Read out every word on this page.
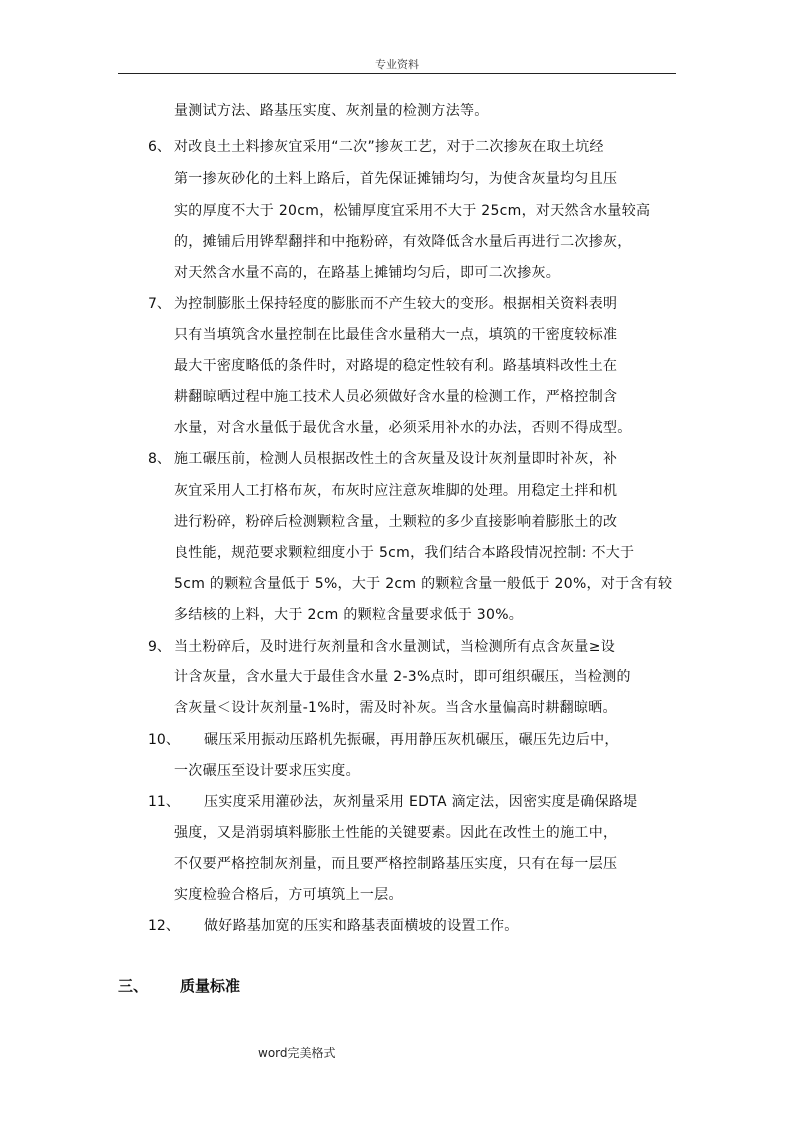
专业资料
量测试方法、路基压实度、灰剂量的检测方法等。
6、 对改良土土料掺灰宜采用“二次”掺灰工艺，对于二次掺灰在取土坑经
第一掺灰砂化的土料上路后，首先保证摊铺均匀，为使含灰量均匀且压
实的厚度不大于 20cm，松铺厚度宜采用不大于 25cm，对天然含水量较高
的，摊铺后用铧犁翻拌和中拖粉碎，有效降低含水量后再进行二次掺灰，
对天然含水量不高的，在路基上摊铺均匀后，即可二次掺灰。
7、 为控制膨胀土保持轻度的膨胀而不产生较大的变形。根据相关资料表明
只有当填筑含水量控制在比最佳含水量稍大一点，填筑的干密度较标准
最大干密度略低的条件时，对路堤的稳定性较有利。路基填料改性土在
耕翻晾晒过程中施工技术人员必须做好含水量的检测工作，严格控制含
水量，对含水量低于最优含水量，必须采用补水的办法，否则不得成型。
8、 施工碾压前，检测人员根据改性土的含灰量及设计灰剂量即时补灰，补
灰宜采用人工打格布灰，布灰时应注意灰堆脚的处理。用稳定土拌和机
进行粉碎，粉碎后检测颗粒含量，土颗粒的多少直接影响着膨胀土的改
良性能，规范要求颗粒细度小于 5cm，我们结合本路段情况控制: 不大于
5cm 的颗粒含量低于 5%，大于 2cm 的颗粒含量一般低于 20%，对于含有较
多结核的上料，大于 2cm 的颗粒含量要求低于 30%。
9、 当土粉碎后，及时进行灰剂量和含水量测试，当检测所有点含灰量≥设
计含灰量，含水量大于最佳含水量 2-3%点时，即可组织碾压，当检测的
含灰量＜设计灰剂量-1%时，需及时补灰。当含水量偏高时耕翻晾晒。
10、 碾压采用振动压路机先振碾，再用静压灰机碾压，碾压先边后中，
一次碾压至设计要求压实度。
11、 压实度采用灌砂法，灰剂量采用 EDTA 滴定法，因密实度是确保路堤
强度，又是消弱填料膨胀土性能的关键要素。因此在改性土的施工中，
不仅要严格控制灰剂量，而且要严格控制路基压实度，只有在每一层压
实度检验合格后，方可填筑上一层。
12、 做好路基加宽的压实和路基表面横坡的设置工作。
三、 质量标准
word完美格式
